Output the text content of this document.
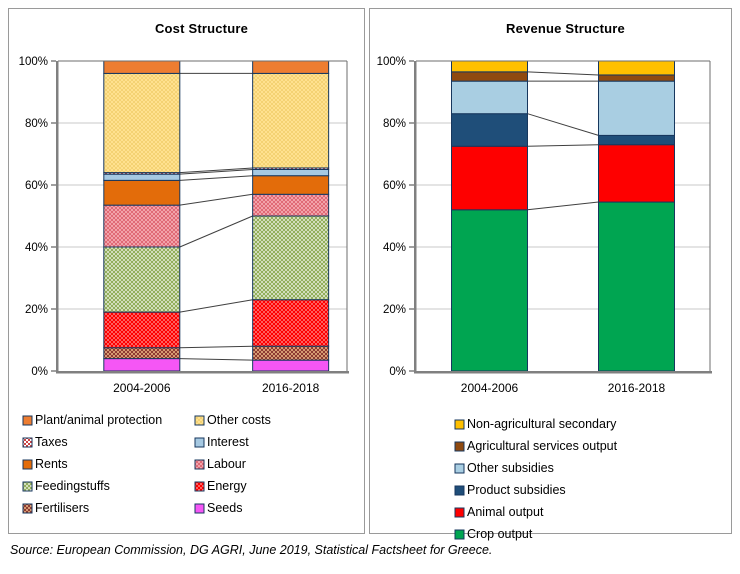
Cost Structure
0%
20%
40%
60%
80%
100%
2004-2006	2016-2018
Plant/animal protection	Other costs
Taxes	Interest
Rents	Labour
Feedingstuffs	Energy
Fertilisers	Seeds
Revenue Structure
0%
20%
40%
60%
80%
100%
2004-2006	2016-2018
Non-agricultural secondary
Agricultural services output
Other subsidies
Product subsidies
Animal output
Crop output
Source: European Commission, DG AGRI, June 2019, Statistical Factsheet for Greece.
